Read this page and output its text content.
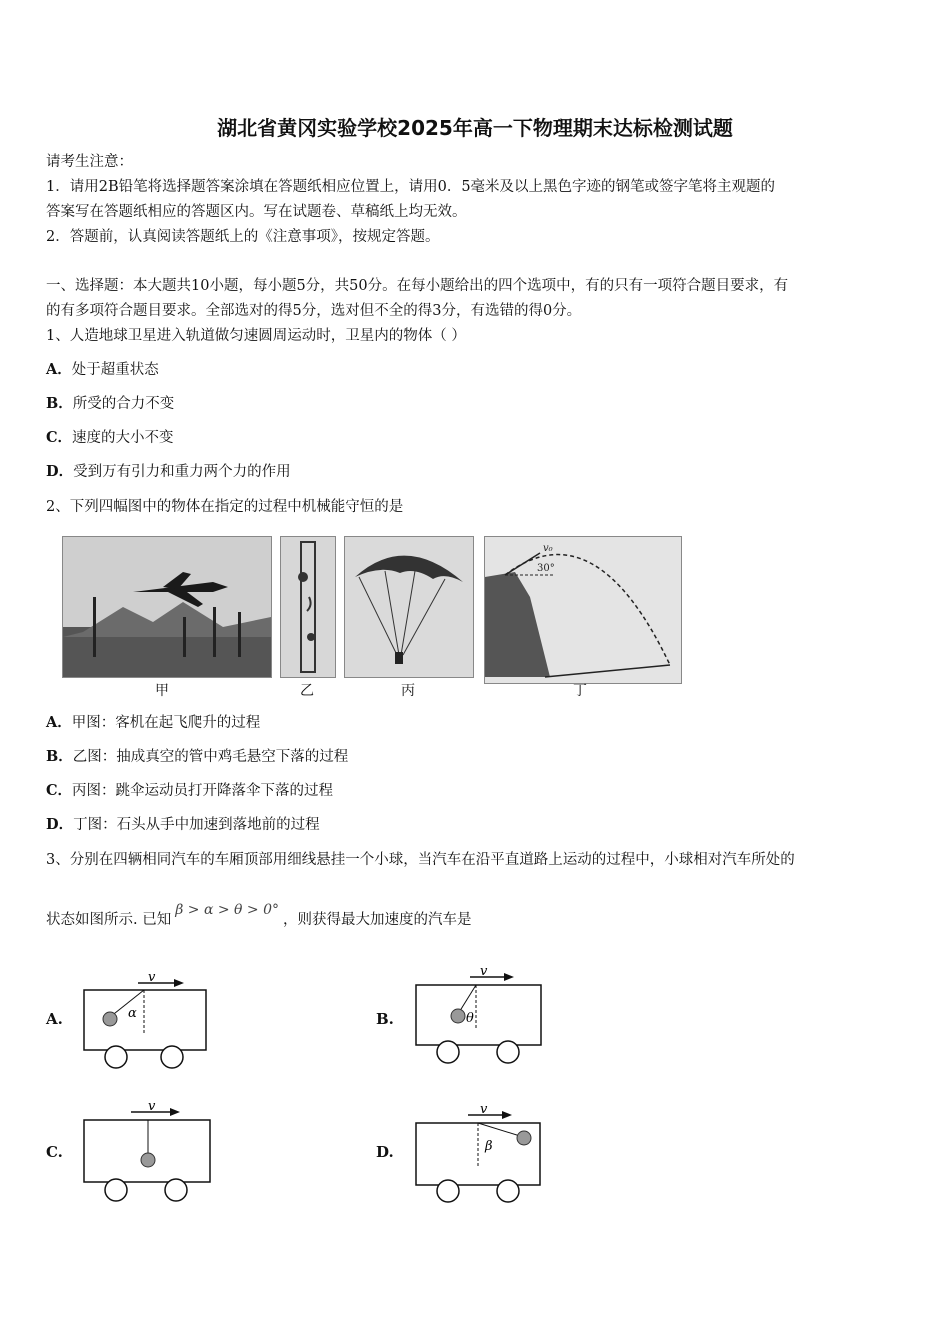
湖北省黄冈实验学校2025年高一下物理期末达标检测试题
请考生注意：
1．请用2B铅笔将选择题答案涂填在答题纸相应位置上，请用0．5毫米及以上黑色字迹的钢笔或签字笔将主观题的
答案写在答题纸相应的答题区内。写在试题卷、草稿纸上均无效。
2．答题前，认真阅读答题纸上的《注意事项》，按规定答题。
一、选择题：本大题共10小题，每小题5分，共50分。在每小题给出的四个选项中，有的只有一项符合题目要求，有
的有多项符合题目要求。全部选对的得5分，选对但不全的得3分，有选错的得0分。
1、人造地球卫星进入轨道做匀速圆周运动时，卫星内的物体（ ）
A．处于超重状态
B．所受的合力不变
C．速度的大小不变
D．受到万有引力和重力两个力的作用
2、下列四幅图中的物体在指定的过程中机械能守恒的是
甲	乙	丙
30°
v₀
丁
A．甲图：客机在起飞爬升的过程
B．乙图：抽成真空的管中鸡毛悬空下落的过程
C．丙图：跳伞运动员打开降落伞下落的过程
D．丁图：石头从手中加速到落地前的过程
3、分别在四辆相同汽车的车厢顶部用细线悬挂一个小球，当汽车在沿平直道路上运动的过程中，小球相对汽车所处的
状态如图所示. 已知β > α > θ > 0°，则获得最大加速度的汽车是
A.
v
α	B.
v
θ
C.
v
D.
v
β
